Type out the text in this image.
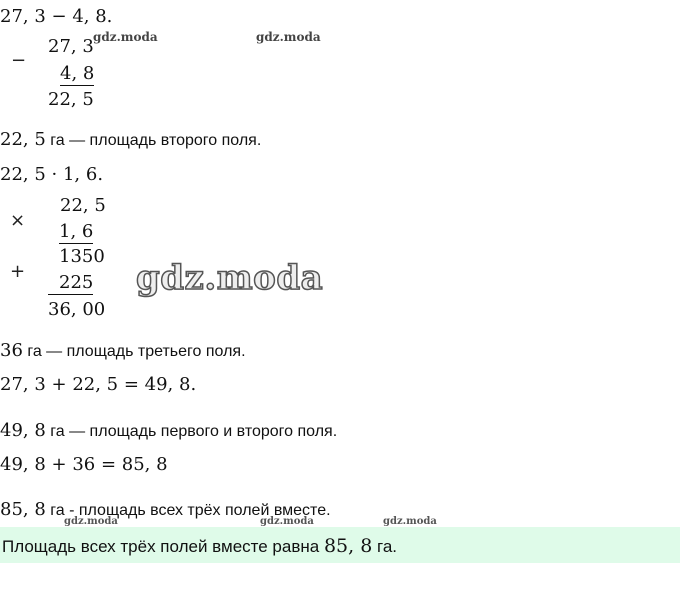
27, 3 − 4, 8.
27, 3
−
4, 8
22, 5
gdz.moda	gdz.moda
22, 5 га — площадь второго поля.
22, 5 · 1, 6.
×
22, 5
1, 6
1350
+
225
36, 00
gdz.moda
36 га — площадь третьего поля.
27, 3 + 22, 5 = 49, 8.
49, 8 га — площадь первого и второго поля.
49, 8 + 36 = 85, 8
85, 8 га - площадь всех трёх полей вместе.
gdz.moda	gdz.moda	gdz.moda
Площадь всех трёх полей вместе равна 85, 8 га.
